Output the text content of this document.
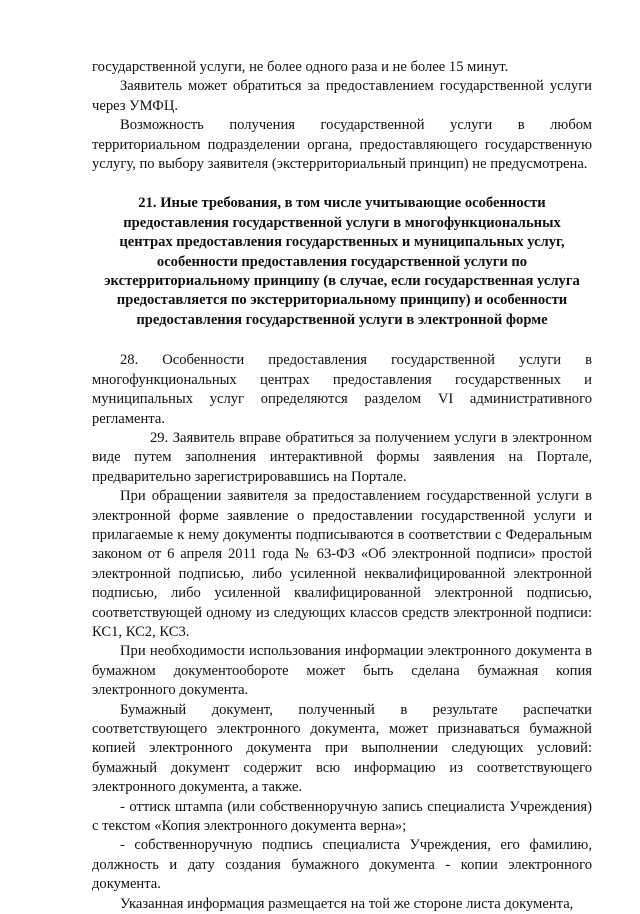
государственной услуги, не более одного раза и не более 15 минут.

Заявитель может обратиться за предоставлением государственной услуги через УМФЦ.

Возможность получения государственной услуги в любом территориальном подразделении органа, предоставляющего государственную услугу, по выбору заявителя (экстерриториальный принцип) не предусмотрена.

21. Иные требования, в том числе учитывающие особенности предоставления государственной услуги в многофункциональных центрах предоставления государственных и муниципальных услуг, особенности предоставления государственной услуги по экстерриториальному принципу (в случае, если государственная услуга предоставляется по экстерриториальному принципу) и особенности предоставления государственной услуги в электронной форме

28. Особенности предоставления государственной услуги в многофункциональных центрах предоставления государственных и муниципальных услуг определяются разделом VI административного регламента.

29. Заявитель вправе обратиться за получением услуги в электронном виде путем заполнения интерактивной формы заявления на Портале, предварительно зарегистрировавшись на Портале.

При обращении заявителя за предоставлением государственной услуги в электронной форме заявление о предоставлении государственной услуги и прилагаемые к нему документы подписываются в соответствии с Федеральным законом от 6 апреля 2011 года № 63-ФЗ «Об электронной подписи» простой электронной подписью, либо усиленной неквалифицированной электронной подписью, либо усиленной квалифицированной электронной подписью, соответствующей одному из следующих классов средств электронной подписи: КС1, КС2, КС3.

При необходимости использования информации электронного документа в бумажном документообороте может быть сделана бумажная копия электронного документа.

Бумажный документ, полученный в результате распечатки соответствующего электронного документа, может признаваться бумажной копией электронного документа при выполнении следующих условий: бумажный документ содержит всю информацию из соответствующего электронного документа, а также.

- оттиск штампа (или собственноручную запись специалиста Учреждения) с текстом «Копия электронного документа верна»;

- собственноручную подпись специалиста Учреждения, его фамилию, должность и дату создания бумажного документа - копии электронного документа.

Указанная информация размещается на той же стороне листа документа,
